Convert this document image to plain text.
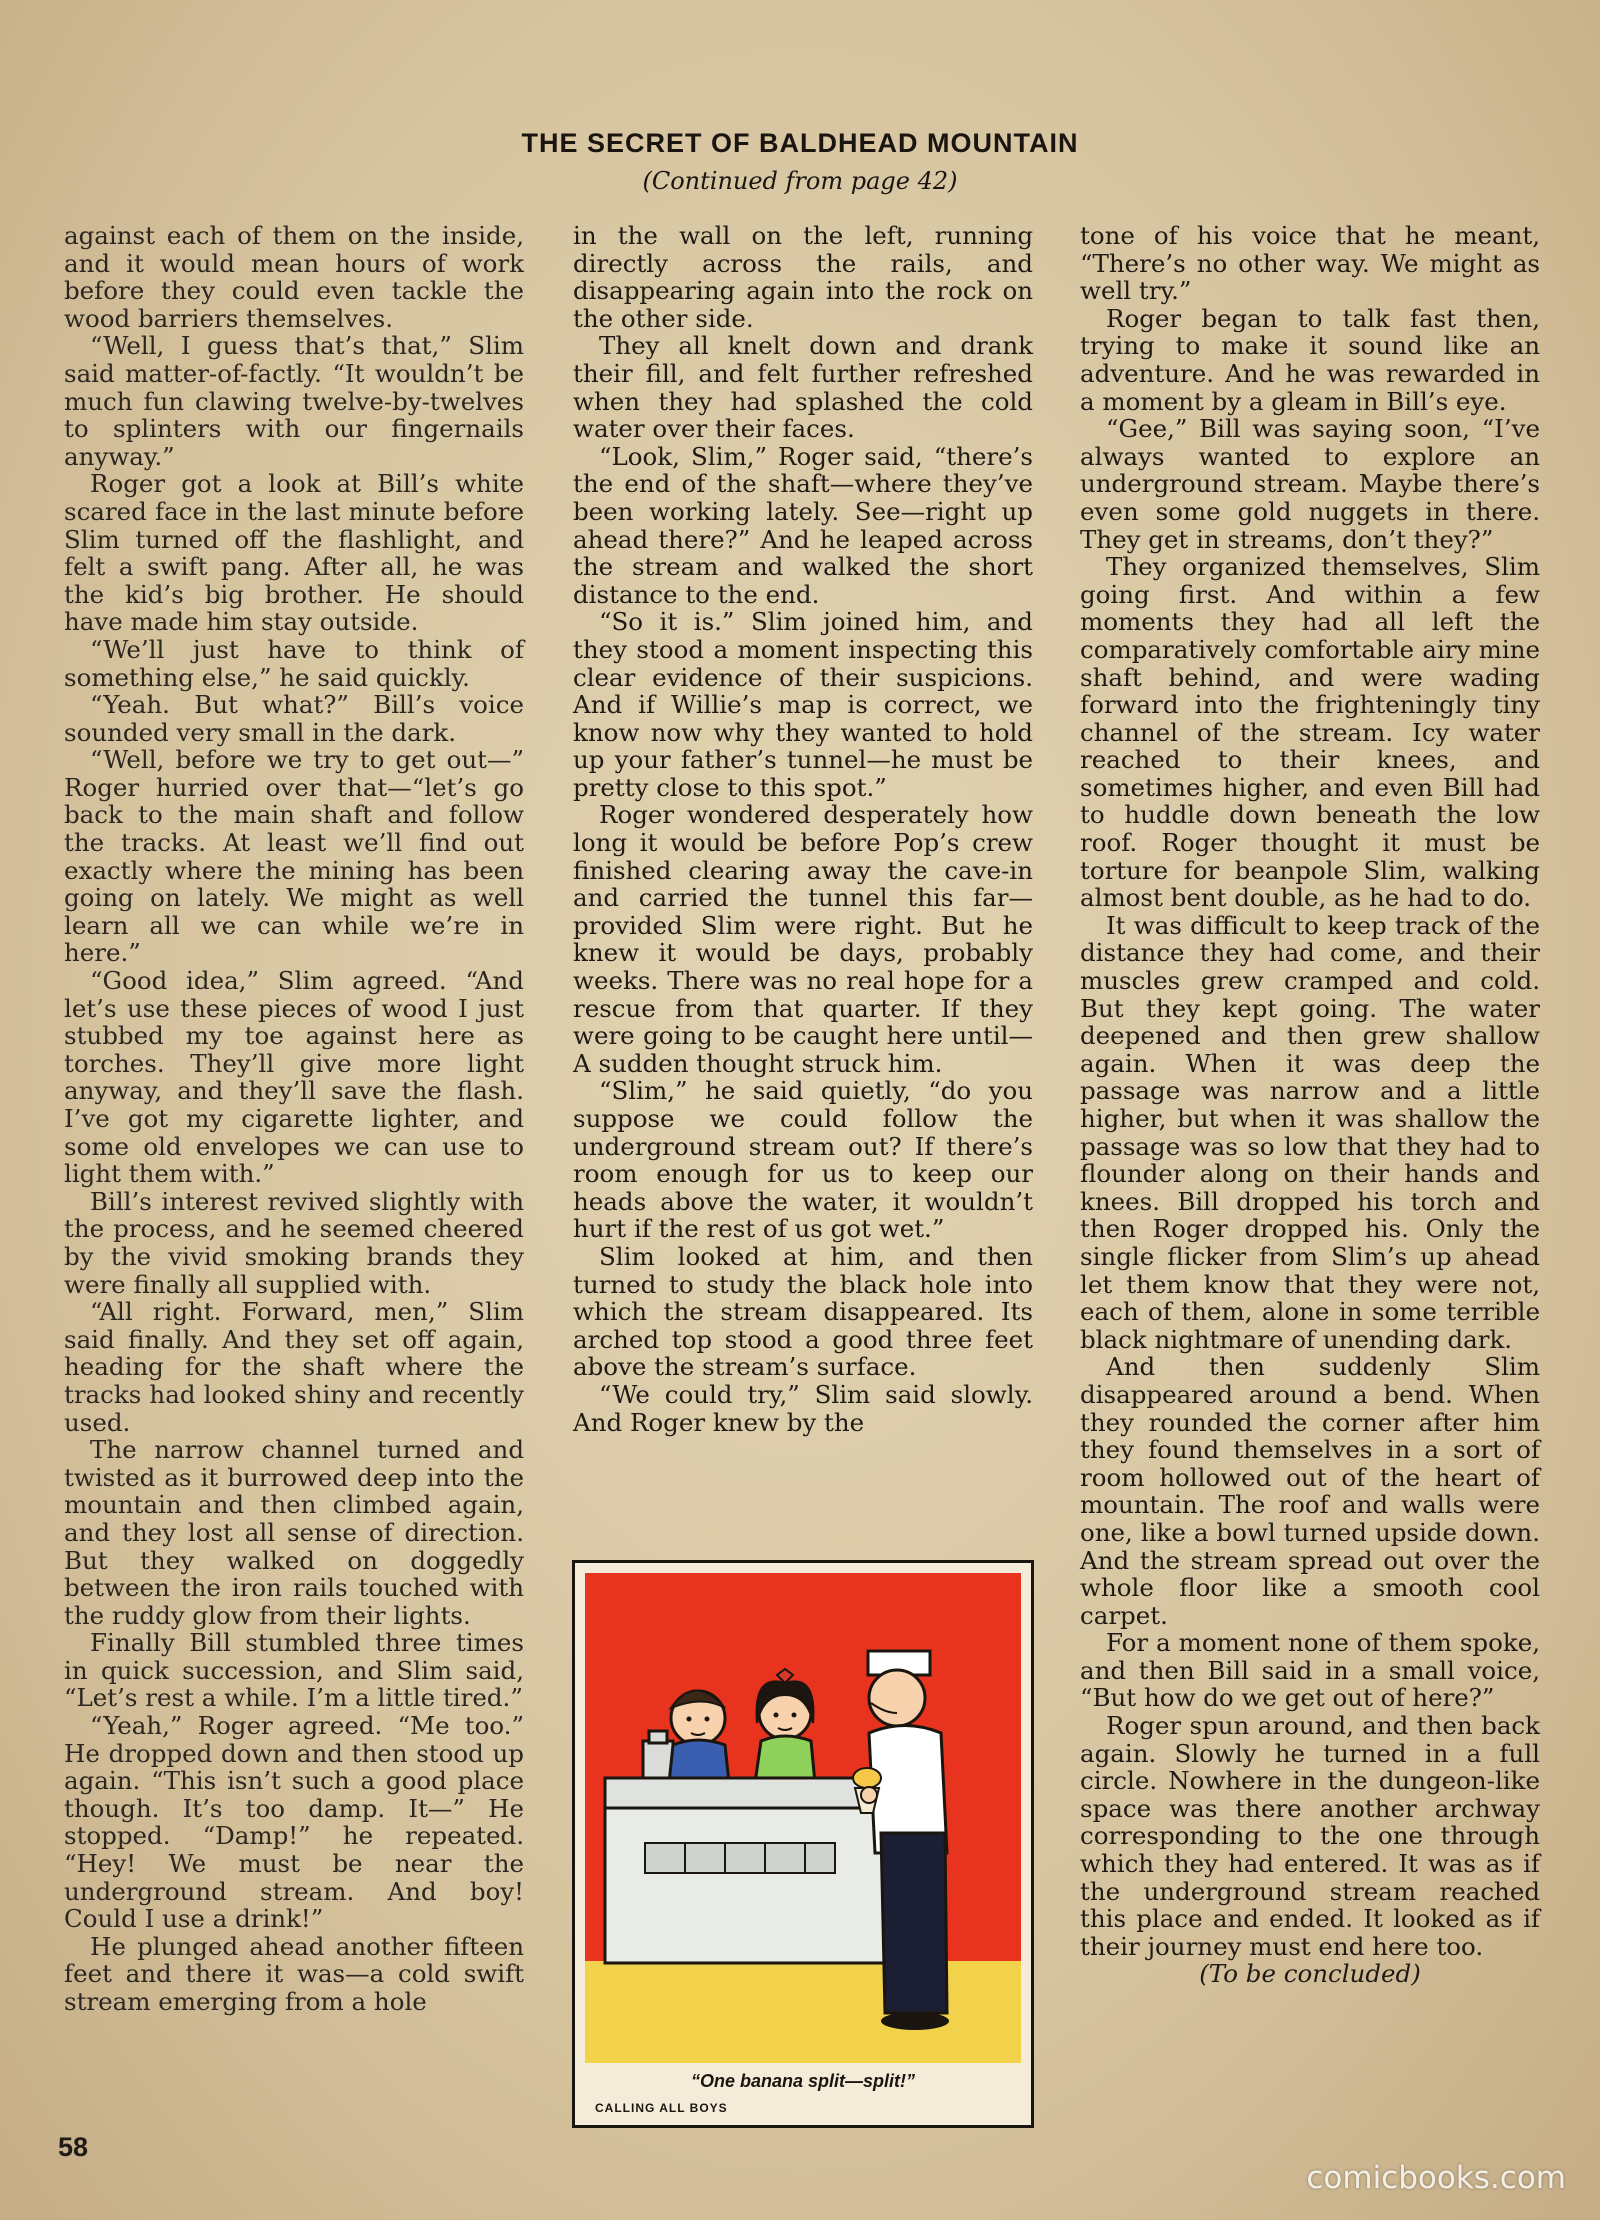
THE SECRET OF BALDHEAD MOUNTAIN
(Continued from page 42)

against each of them on the inside, and it would mean hours of work before they could even tackle the wood barriers themselves.

“Well, I guess that’s that,” Slim said matter-of-factly. “It wouldn’t be much fun clawing twelve-by-twelves to splinters with our fingernails anyway.”

Roger got a look at Bill’s white scared face in the last minute before Slim turned off the flashlight, and felt a swift pang. After all, he was the kid’s big brother. He should have made him stay outside.

“We’ll just have to think of something else,” he said quickly.

“Yeah. But what?” Bill’s voice sounded very small in the dark.

“Well, before we try to get out—” Roger hurried over that—“let’s go back to the main shaft and follow the tracks. At least we’ll find out exactly where the mining has been going on lately. We might as well learn all we can while we’re in here.”

“Good idea,” Slim agreed. “And let’s use these pieces of wood I just stubbed my toe against here as torches. They’ll give more light anyway, and they’ll save the flash. I’ve got my cigarette lighter, and some old envelopes we can use to light them with.”

Bill’s interest revived slightly with the process, and he seemed cheered by the vivid smoking brands they were finally all supplied with.

“All right. Forward, men,” Slim said finally. And they set off again, heading for the shaft where the tracks had looked shiny and recently used.

The narrow channel turned and twisted as it burrowed deep into the mountain and then climbed again, and they lost all sense of direction. But they walked on doggedly between the iron rails touched with the ruddy glow from their lights.

Finally Bill stumbled three times in quick succession, and Slim said, “Let’s rest a while. I’m a little tired.”

“Yeah,” Roger agreed. “Me too.” He dropped down and then stood up again. “This isn’t such a good place though. It’s too damp. It—” He stopped. “Damp!” he repeated. “Hey! We must be near the underground stream. And boy! Could I use a drink!”

He plunged ahead another fifteen feet and there it was—a cold swift stream emerging from a hole

in the wall on the left, running directly across the rails, and disappearing again into the rock on the other side.

They all knelt down and drank their fill, and felt further refreshed when they had splashed the cold water over their faces.

“Look, Slim,” Roger said, “there’s the end of the shaft—where they’ve been working lately. See—right up ahead there?” And he leaped across the stream and walked the short distance to the end.

“So it is.” Slim joined him, and they stood a moment inspecting this clear evidence of their suspicions. And if Willie’s map is correct, we know now why they wanted to hold up your father’s tunnel—he must be pretty close to this spot.”

Roger wondered desperately how long it would be before Pop’s crew finished clearing away the cave-in and carried the tunnel this far—provided Slim were right. But he knew it would be days, probably weeks. There was no real hope for a rescue from that quarter. If they were going to be caught here until— A sudden thought struck him.

“Slim,” he said quietly, “do you suppose we could follow the underground stream out? If there’s room enough for us to keep our heads above the water, it wouldn’t hurt if the rest of us got wet.”

Slim looked at him, and then turned to study the black hole into which the stream disappeared. Its arched top stood a good three feet above the stream’s surface.

“We could try,” Slim said slowly. And Roger knew by the

tone of his voice that he meant, “There’s no other way. We might as well try.”

Roger began to talk fast then, trying to make it sound like an adventure. And he was rewarded in a moment by a gleam in Bill’s eye.

“Gee,” Bill was saying soon, “I’ve always wanted to explore an underground stream. Maybe there’s even some gold nuggets in there. They get in streams, don’t they?”

They organized themselves, Slim going first. And within a few moments they had all left the comparatively comfortable airy mine shaft behind, and were wading forward into the frighteningly tiny channel of the stream. Icy water reached to their knees, and sometimes higher, and even Bill had to huddle down beneath the low roof. Roger thought it must be torture for beanpole Slim, walking almost bent double, as he had to do.

It was difficult to keep track of the distance they had come, and their muscles grew cramped and cold. But they kept going. The water deepened and then grew shallow again. When it was deep the passage was narrow and a little higher, but when it was shallow the passage was so low that they had to flounder along on their hands and knees. Bill dropped his torch and then Roger dropped his. Only the single flicker from Slim’s up ahead let them know that they were not, each of them, alone in some terrible black nightmare of unending dark.

And then suddenly Slim disappeared around a bend. When they rounded the corner after him they found themselves in a sort of room hollowed out of the heart of mountain. The roof and walls were one, like a bowl turned upside down. And the stream spread out over the whole floor like a smooth cool carpet.

For a moment none of them spoke, and then Bill said in a small voice, “But how do we get out of here?”

Roger spun around, and then back again. Slowly he turned in a full circle. Nowhere in the dungeon-like space was there another archway corresponding to the one through which they had entered. It was as if the underground stream reached this place and ended. It looked as if their journey must end here too.

(To be concluded)

“One banana split—split!”
CALLING ALL BOYS
58
comicbooks.com
